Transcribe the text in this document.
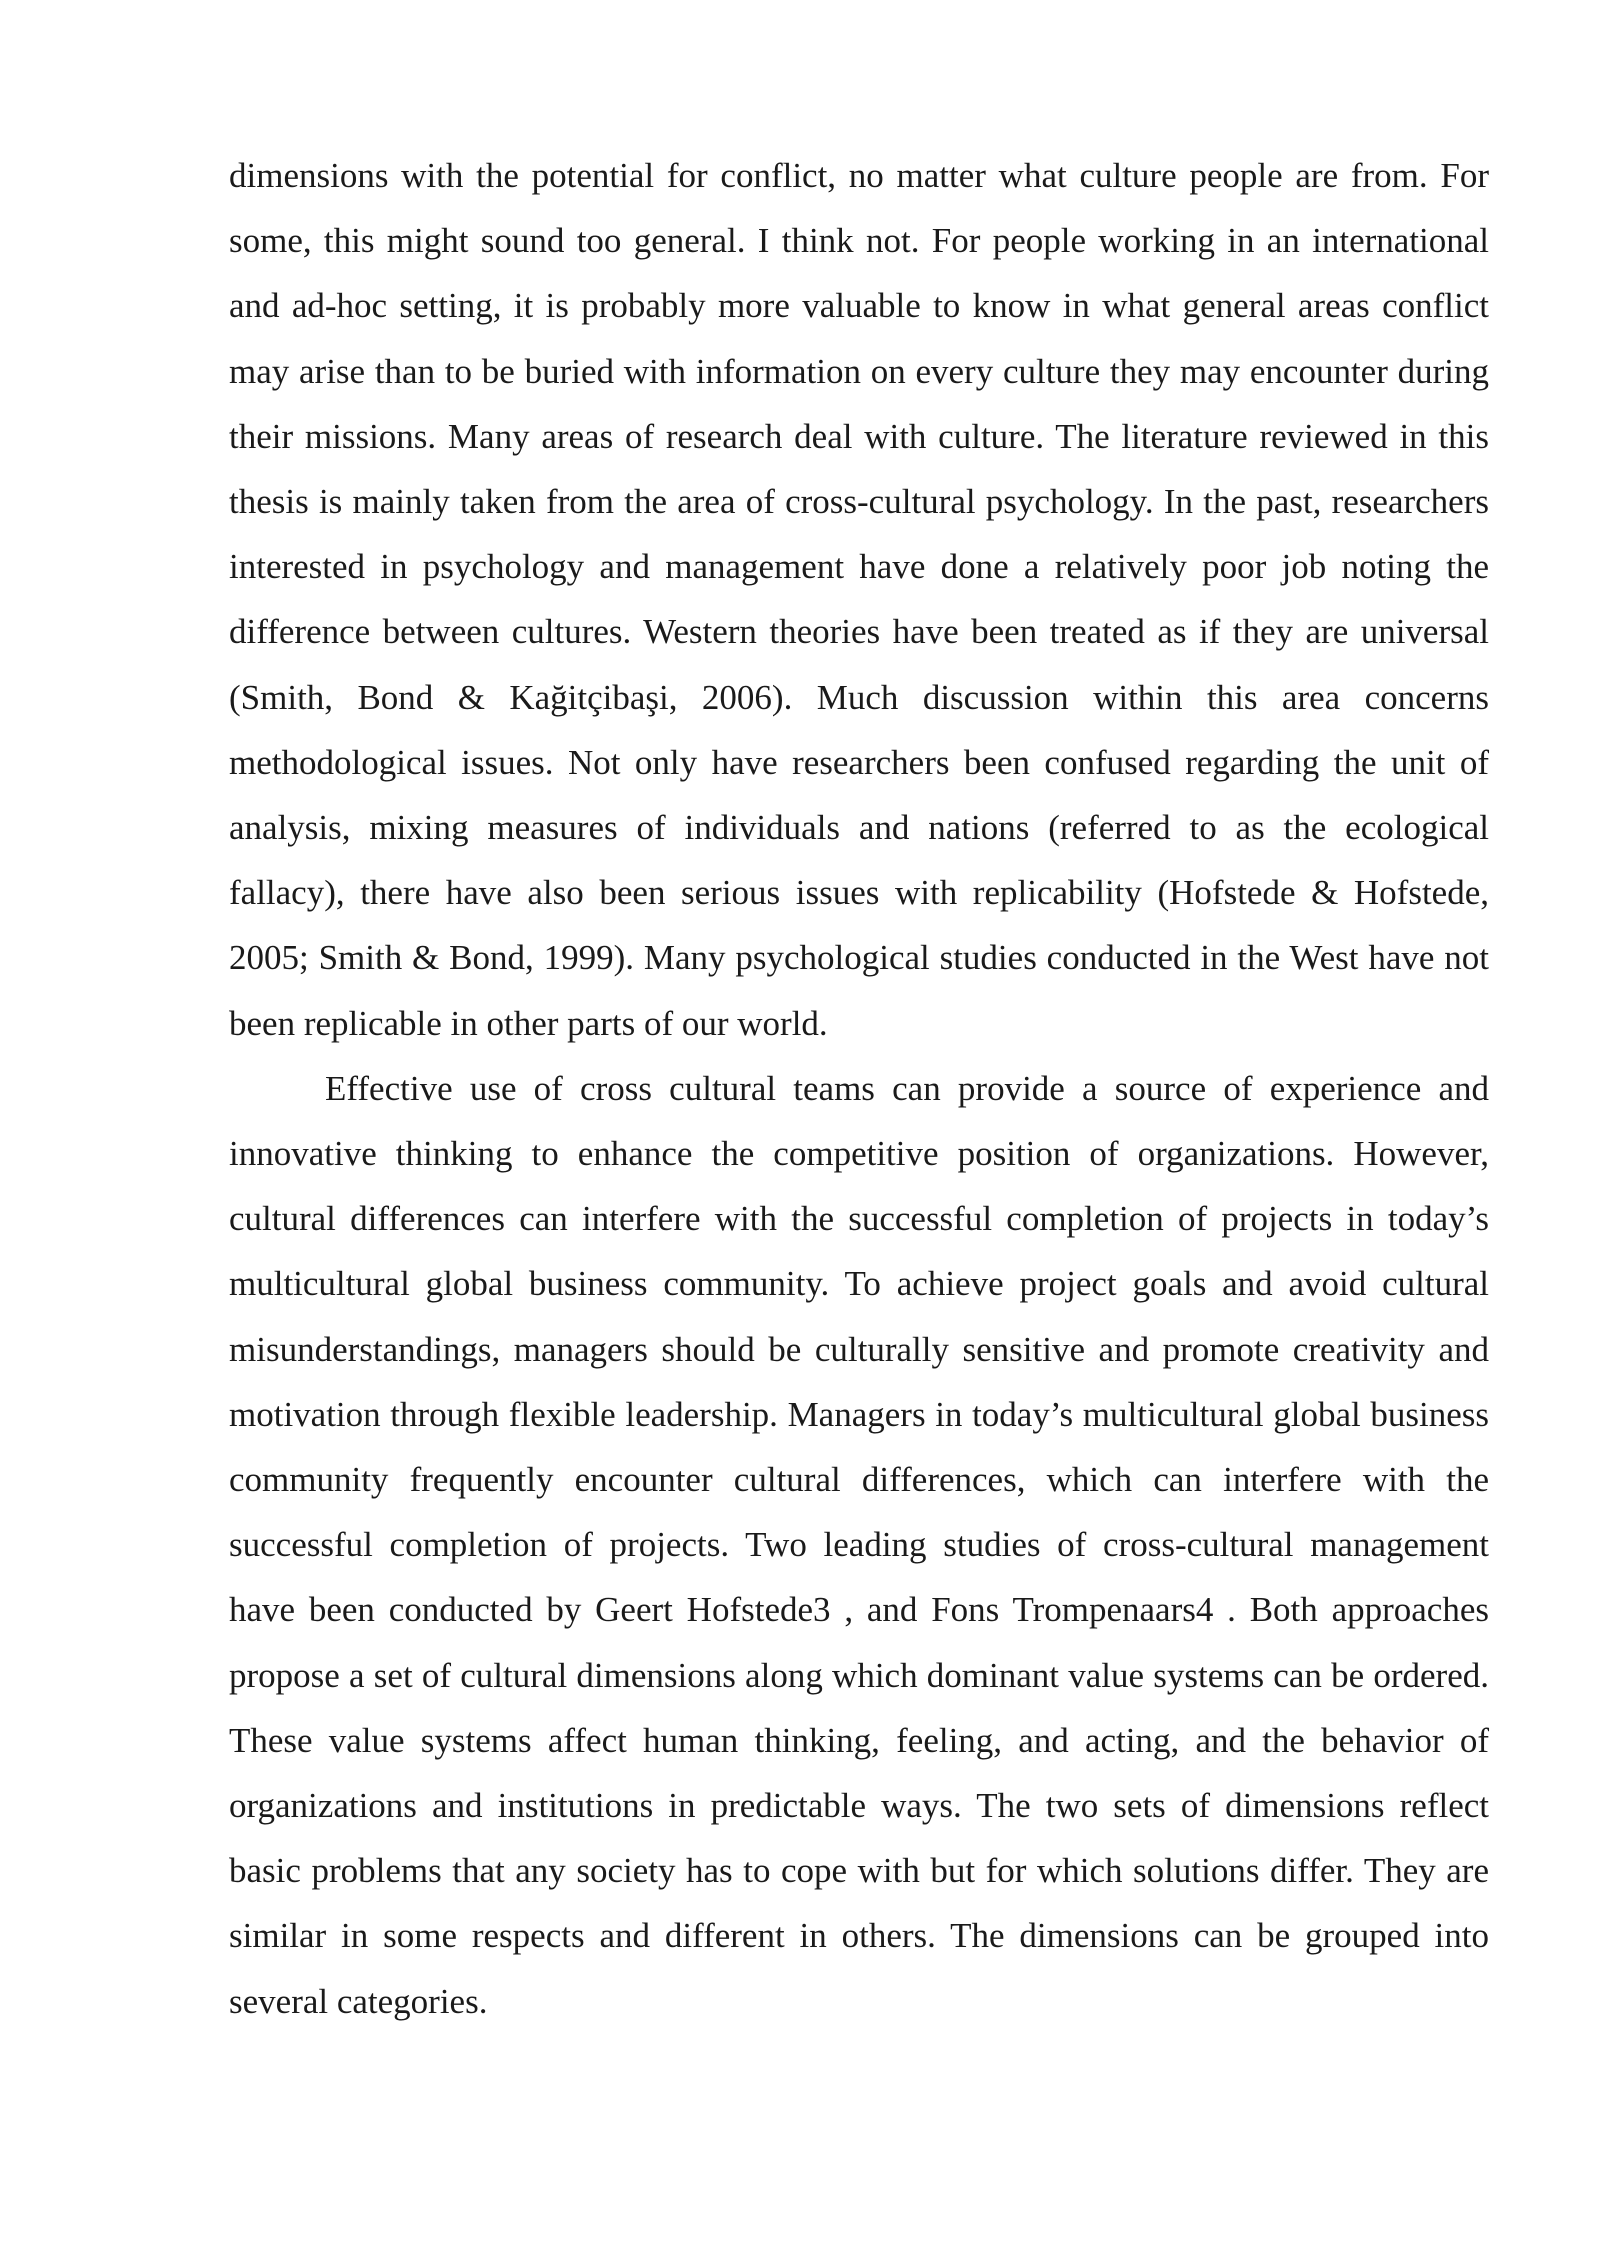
dimensions with the potential for conflict, no matter what culture people are from. For some, this might sound too general. I think not. For people working in an international and ad-hoc setting, it is probably more valuable to know in what general areas conflict may arise than to be buried with information on every culture they may encounter during their missions. Many areas of research deal with culture. The literature reviewed in this thesis is mainly taken from the area of cross-cultural psychology. In the past, researchers interested in psychology and management have done a relatively poor job noting the difference between cultures. Western theories have been treated as if they are universal (Smith, Bond & Kağitçibaşi, 2006). Much discussion within this area concerns methodological issues. Not only have researchers been confused regarding the unit of analysis, mixing measures of individuals and nations (referred to as the ecological fallacy), there have also been serious issues with replicability (Hofstede & Hofstede, 2005; Smith & Bond, 1999). Many psychological studies conducted in the West have not been replicable in other parts of our world.

Effective use of cross cultural teams can provide a source of experience and innovative thinking to enhance the competitive position of organizations. However, cultural differences can interfere with the successful completion of projects in today’s multicultural global business community. To achieve project goals and avoid cultural misunderstandings, managers should be culturally sensitive and promote creativity and motivation through flexible leadership. Managers in today’s multicultural global business community frequently encounter cultural differences, which can interfere with the successful completion of projects. Two leading studies of cross-cultural management have been conducted by Geert Hofstede3 , and Fons Trompenaars4 . Both approaches propose a set of cultural dimensions along which dominant value systems can be ordered. These value systems affect human thinking, feeling, and acting, and the behavior of organizations and institutions in predictable ways. The two sets of dimensions reflect basic problems that any society has to cope with but for which solutions differ. They are similar in some respects and different in others. The dimensions can be grouped into several categories.
